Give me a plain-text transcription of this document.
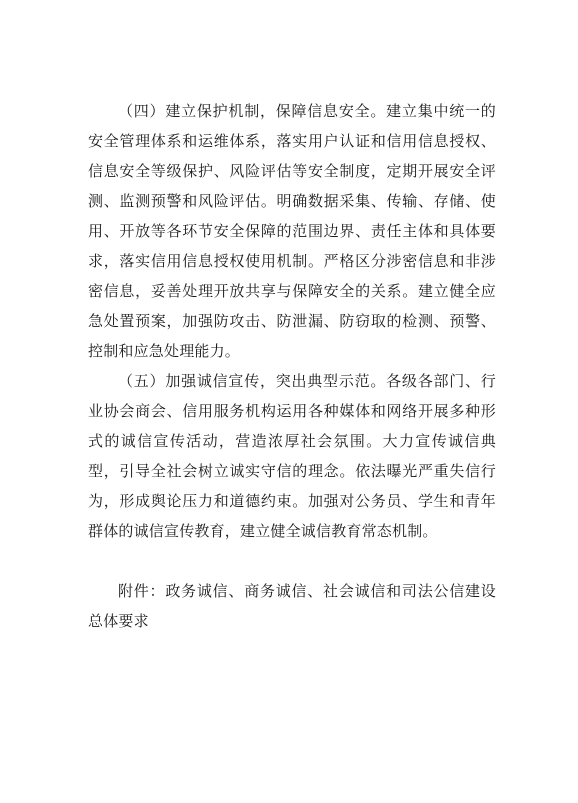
（四）建立保护机制，保障信息安全。建立集中统一的安全管理体系和运维体系，落实用户认证和信用信息授权、信息安全等级保护、风险评估等安全制度，定期开展安全评测、监测预警和风险评估。明确数据采集、传输、存储、使用、开放等各环节安全保障的范围边界、责任主体和具体要求，落实信用信息授权使用机制。严格区分涉密信息和非涉密信息，妥善处理开放共享与保障安全的关系。建立健全应急处置预案，加强防攻击、防泄漏、防窃取的检测、预警、控制和应急处理能力。

（五）加强诚信宣传，突出典型示范。各级各部门、行业协会商会、信用服务机构运用各种媒体和网络开展多种形式的诚信宣传活动，营造浓厚社会氛围。大力宣传诚信典型，引导全社会树立诚实守信的理念。依法曝光严重失信行为，形成舆论压力和道德约束。加强对公务员、学生和青年群体的诚信宣传教育，建立健全诚信教育常态机制。

附件：政务诚信、商务诚信、社会诚信和司法公信建设总体要求
